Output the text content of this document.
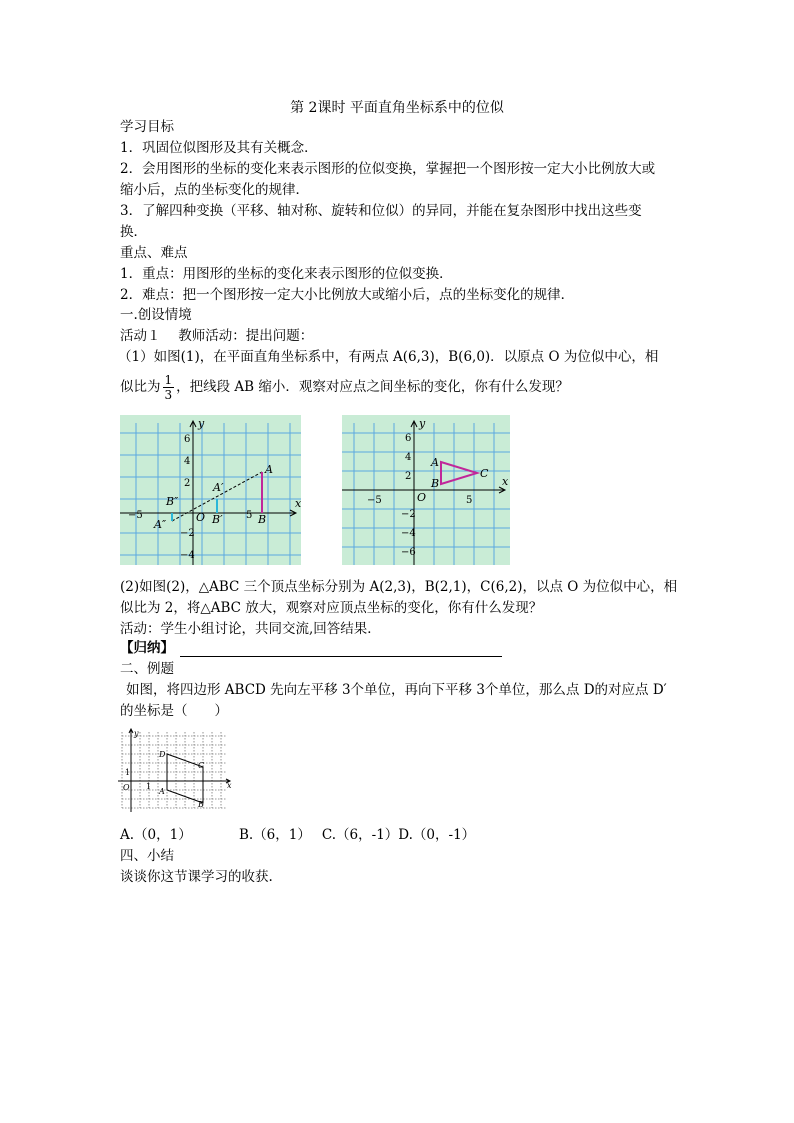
第 2课时 平面直角坐标系中的位似
学习目标
1．巩固位似图形及其有关概念．
2．会用图形的坐标的变化来表示图形的位似变换，掌握把一个图形按一定大小比例放大或
缩小后，点的坐标变化的规律．
3．了解四种变换（平移、轴对称、旋转和位似）的异同，并能在复杂图形中找出这些变
换．
重点、难点
1．重点：用图形的坐标的变化来表示图形的位似变换．
2．难点：把一个图形按一定大小比例放大或缩小后，点的坐标变化的规律．
一.创设情境
活动１　 教师活动：提出问题：
（1）如图(1)，在平面直角坐标系中，有两点 A(6,3)，B(6,0)．以原点 O 为位似中心，相
似比为 $\frac{1}{3}$ ，把线段 AB 缩小．观察对应点之间坐标的变化，你有什么发现？
x
y
O
A
B
A′
B′
A″
B″
−5	5
6
4
2
−2
−4
x
y
O
A
B
C
−5	5
6
4
2
−2
−4
−6
(2)如图(2)，△ABC 三个顶点坐标分别为 A(2,3)，B(2,1)，C(6,2)，以点 O 为位似中心，相
似比为 2，将△ABC 放大，观察对应顶点坐标的变化，你有什么发现？
活动：学生小组讨论，共同交流,回答结果．
【归纳】
二、例题
如图，将四边形 ABCD 先向左平移 3个单位，再向下平移 3个单位，那么点 D的对应点 D′
的坐标是（　　）
x
y
O
1
1
D
A
C
B
A.（0，1）　　　　B.（6，1）　 C.（6，-1）D.（0，-1）
四、小结
谈谈你这节课学习的收获.
